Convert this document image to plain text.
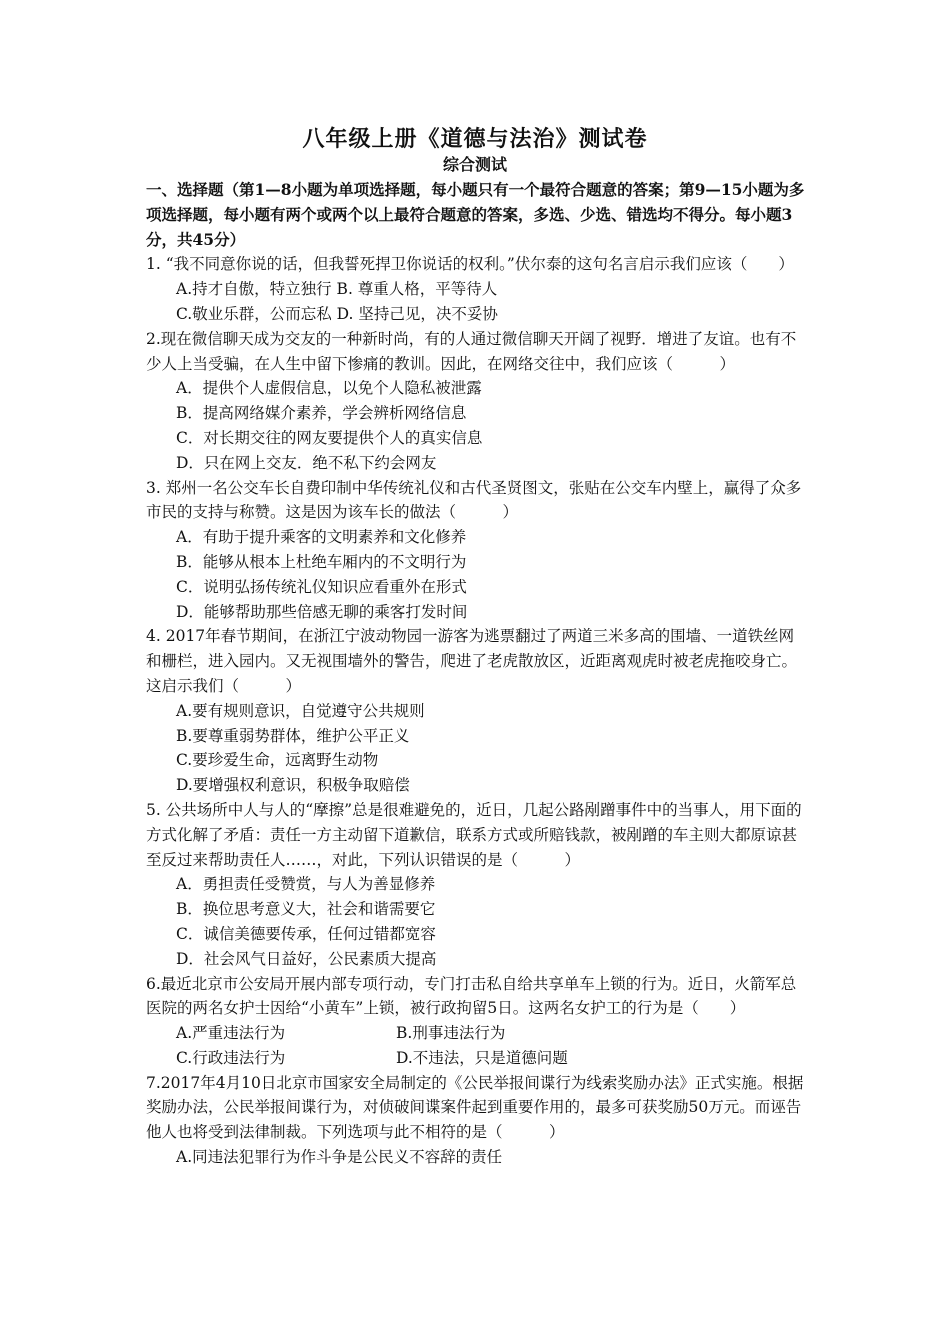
八年级上册《道德与法治》测试卷
综合测试

一、选择题（第1—8小题为单项选择题，每小题只有一个最符合题意的答案；第9—15小题为多项选择题，每小题有两个或两个以上最符合题意的答案，多选、少选、错选均不得分。每小题3分，共45分）

1. “我不同意你说的话，但我誓死捍卫你说话的权利。”伏尔泰的这句名言启示我们应该（　　）

A.持才自傲，特立独行 B. 尊重人格，平等待人

C.敬业乐群，公而忘私 D. 坚持己见，决不妥协

2.现在微信聊天成为交友的一种新时尚，有的人通过微信聊天开阔了视野．增进了友谊。也有不少人上当受骗，在人生中留下惨痛的教训。因此，在网络交往中，我们应该（　　　）

A．提供个人虚假信息，以免个人隐私被泄露

B．提高网络媒介素养，学会辨析网络信息

C．对长期交往的网友要提供个人的真实信息

D．只在网上交友．绝不私下约会网友

3. 郑州一名公交车长自费印制中华传统礼仪和古代圣贤图文，张贴在公交车内壁上，赢得了众多市民的支持与称赞。这是因为该车长的做法（　　　）

A．有助于提升乘客的文明素养和文化修养

B．能够从根本上杜绝车厢内的不文明行为

C．说明弘扬传统礼仪知识应看重外在形式

D．能够帮助那些倍感无聊的乘客打发时间

4. 2017年春节期间，在浙江宁波动物园一游客为逃票翻过了两道三米多高的围墙、一道铁丝网和栅栏，进入园内。又无视围墙外的警告，爬进了老虎散放区，近距离观虎时被老虎拖咬身亡。这启示我们（　　　）

A.要有规则意识，自觉遵守公共规则

B.要尊重弱势群体，维护公平正义

C.要珍爱生命，远离野生动物

D.要增强权利意识，积极争取赔偿

5. 公共场所中人与人的“摩擦”总是很难避免的，近日，几起公路剐蹭事件中的当事人，用下面的方式化解了矛盾：责任一方主动留下道歉信，联系方式或所赔钱款，被剐蹭的车主则大都原谅甚至反过来帮助责任人……，对此，下列认识错误的是（　　　）

A．勇担责任受赞赏，与人为善显修养

B．换位思考意义大，社会和谐需要它

C．诚信美德要传承，任何过错都宽容

D．社会风气日益好，公民素质大提高

6.最近北京市公安局开展内部专项行动，专门打击私自给共享单车上锁的行为。近日，火箭军总医院的两名女护士因给“小黄车”上锁，被行政拘留5日。这两名女护工的行为是（　　）

A.严重违法行为	B.刑事违法行为
C.行政违法行为	D.不违法，只是道德问题

7.2017年4月10日北京市国家安全局制定的《公民举报间谍行为线索奖励办法》正式实施。根据奖励办法，公民举报间谍行为，对侦破间谍案件起到重要作用的，最多可获奖励50万元。而诬告他人也将受到法律制裁。下列选项与此不相符的是（　　　）

A.同违法犯罪行为作斗争是公民义不容辞的责任
